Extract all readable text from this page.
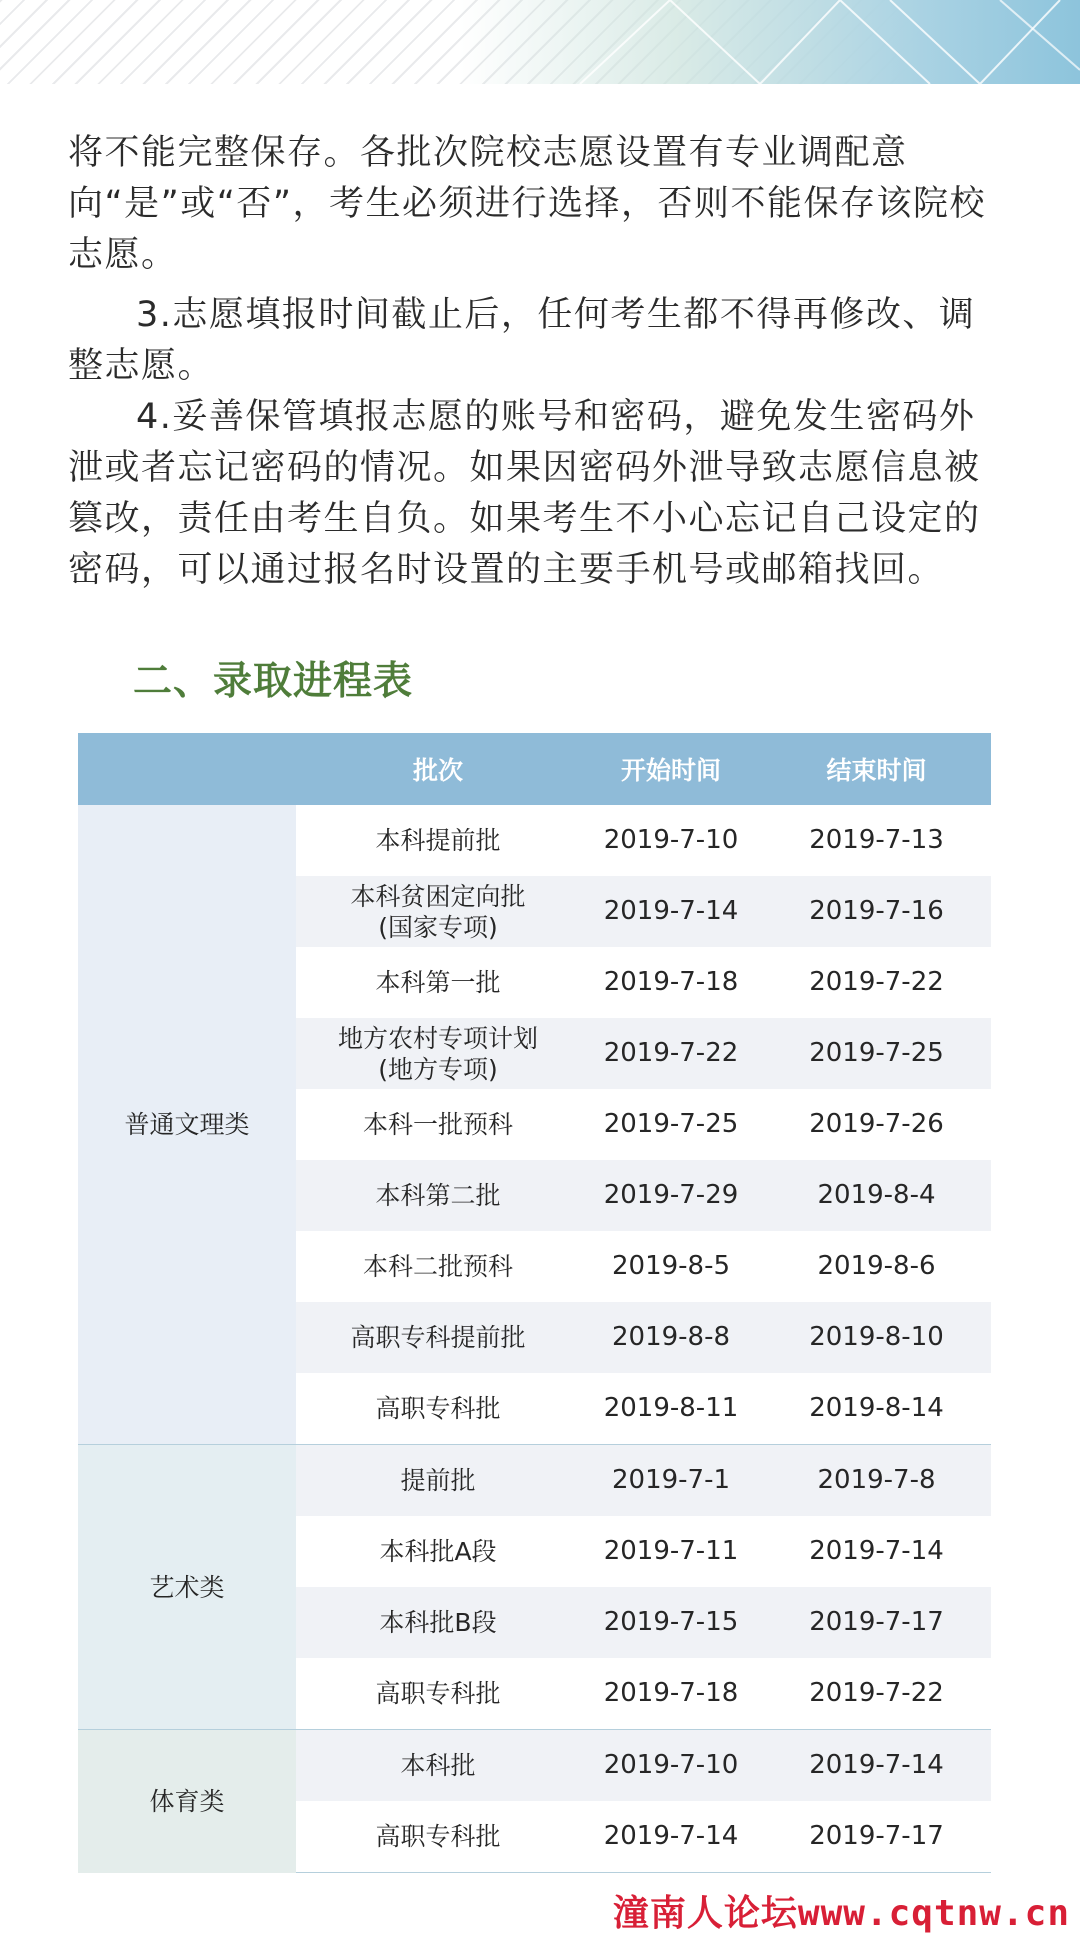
将不能完整保存。各批次院校志愿设置有专业调配意向“是”或“否”，考生必须进行选择，否则不能保存该院校志愿。

3.志愿填报时间截止后，任何考生都不得再修改、调整志愿。

4.妥善保管填报志愿的账号和密码，避免发生密码外泄或者忘记密码的情况。如果因密码外泄导致志愿信息被篡改，责任由考生自负。如果考生不小心忘记自己设定的密码，可以通过报名时设置的主要手机号或邮箱找回。

二、录取进程表
	批次	开始时间	结束时间
普通文理类	本科提前批	2019-7-10	2019-7-13
	本科贫困定向批
(国家专项)	2019-7-14	2019-7-16
	本科第一批	2019-7-18	2019-7-22
	地方农村专项计划
(地方专项)	2019-7-22	2019-7-25
	本科一批预科	2019-7-25	2019-7-26
	本科第二批	2019-7-29	2019-8-4
	本科二批预科	2019-8-5	2019-8-6
	高职专科提前批	2019-8-8	2019-8-10
	高职专科批	2019-8-11	2019-8-14
艺术类	提前批	2019-7-1	2019-7-8
	本科批A段	2019-7-11	2019-7-14
	本科批B段	2019-7-15	2019-7-17
	高职专科批	2019-7-18	2019-7-22
体育类	本科批	2019-7-10	2019-7-14
	高职专科批	2019-7-14	2019-7-17
潼南人论坛www.cqtnw.cn
